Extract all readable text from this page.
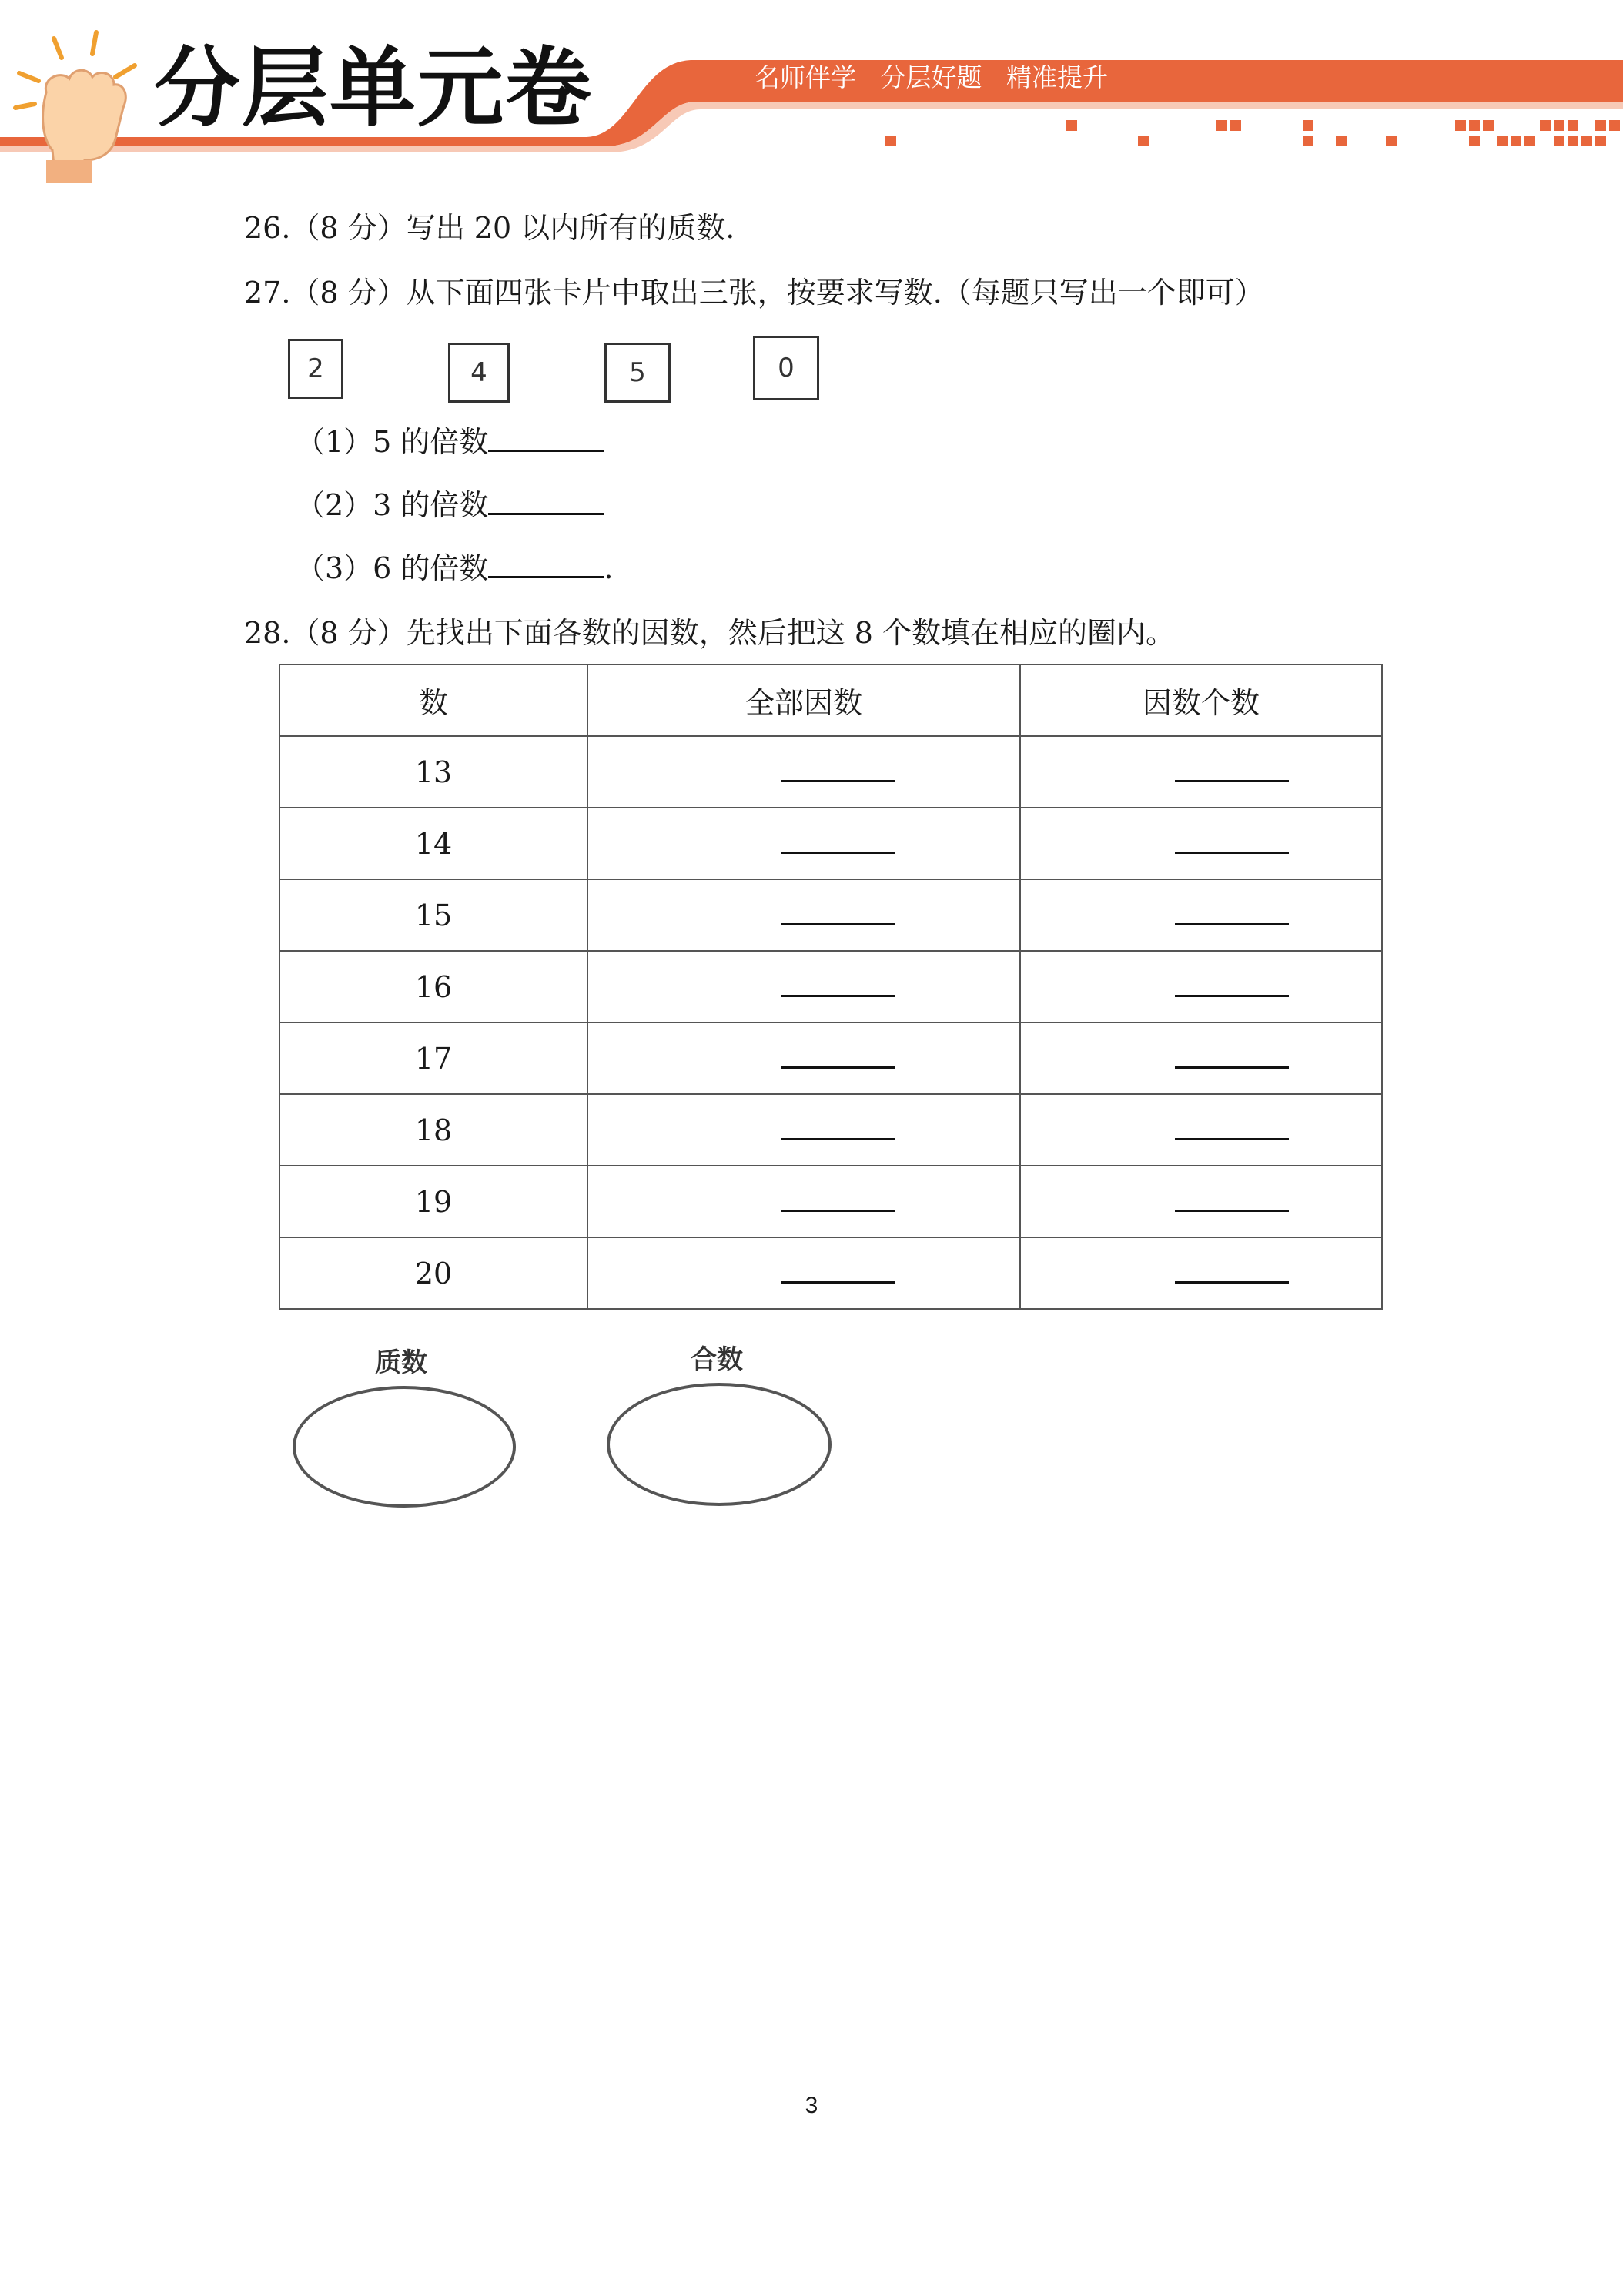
分层单元卷	名师伴学   分层好题   精准提升
26.（8 分）写出 20 以内所有的质数.
27.（8 分）从下面四张卡片中取出三张，按要求写数.（每题只写出一个即可）
2	4	5	0
（1）5 的倍数
（2）3 的倍数
（3）6 的倍数	.
28.（8 分）先找出下面各数的因数，然后把这 8 个数填在相应的圈内。
数	全部因数	因数个数
13		
14		
15		
16		
17		
18		
19		
20		
质数	合数
3
